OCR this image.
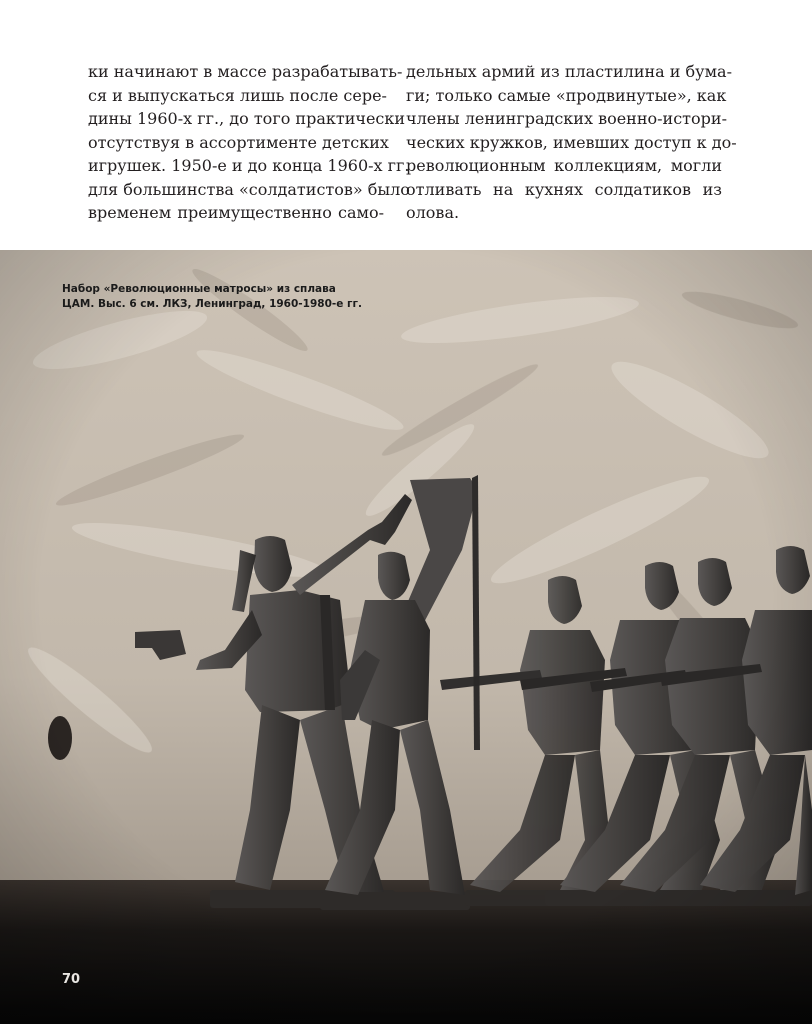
ки начинают в массе разрабатывать-
ся и выпускаться лишь после сере-
дины 1960-х гг., до того практически
отсутствуя в ассортименте детских
игрушек. 1950-е и до конца 1960-х гг.
для большинства «солдатистов» было
временем преимущественно само-
дельных армий из пластилина и бума-
ги; только самые «продвинутые», как
члены ленинградских военно-истори-
ческих кружков, имевших доступ к до-
революционным коллекциям, могли
отливать на кухнях солдатиков из
олова.
Набор «Революционные матросы» из сплава
ЦАМ. Выс. 6 см. ЛКЗ, Ленинград, 1960-1980-е гг.
70
